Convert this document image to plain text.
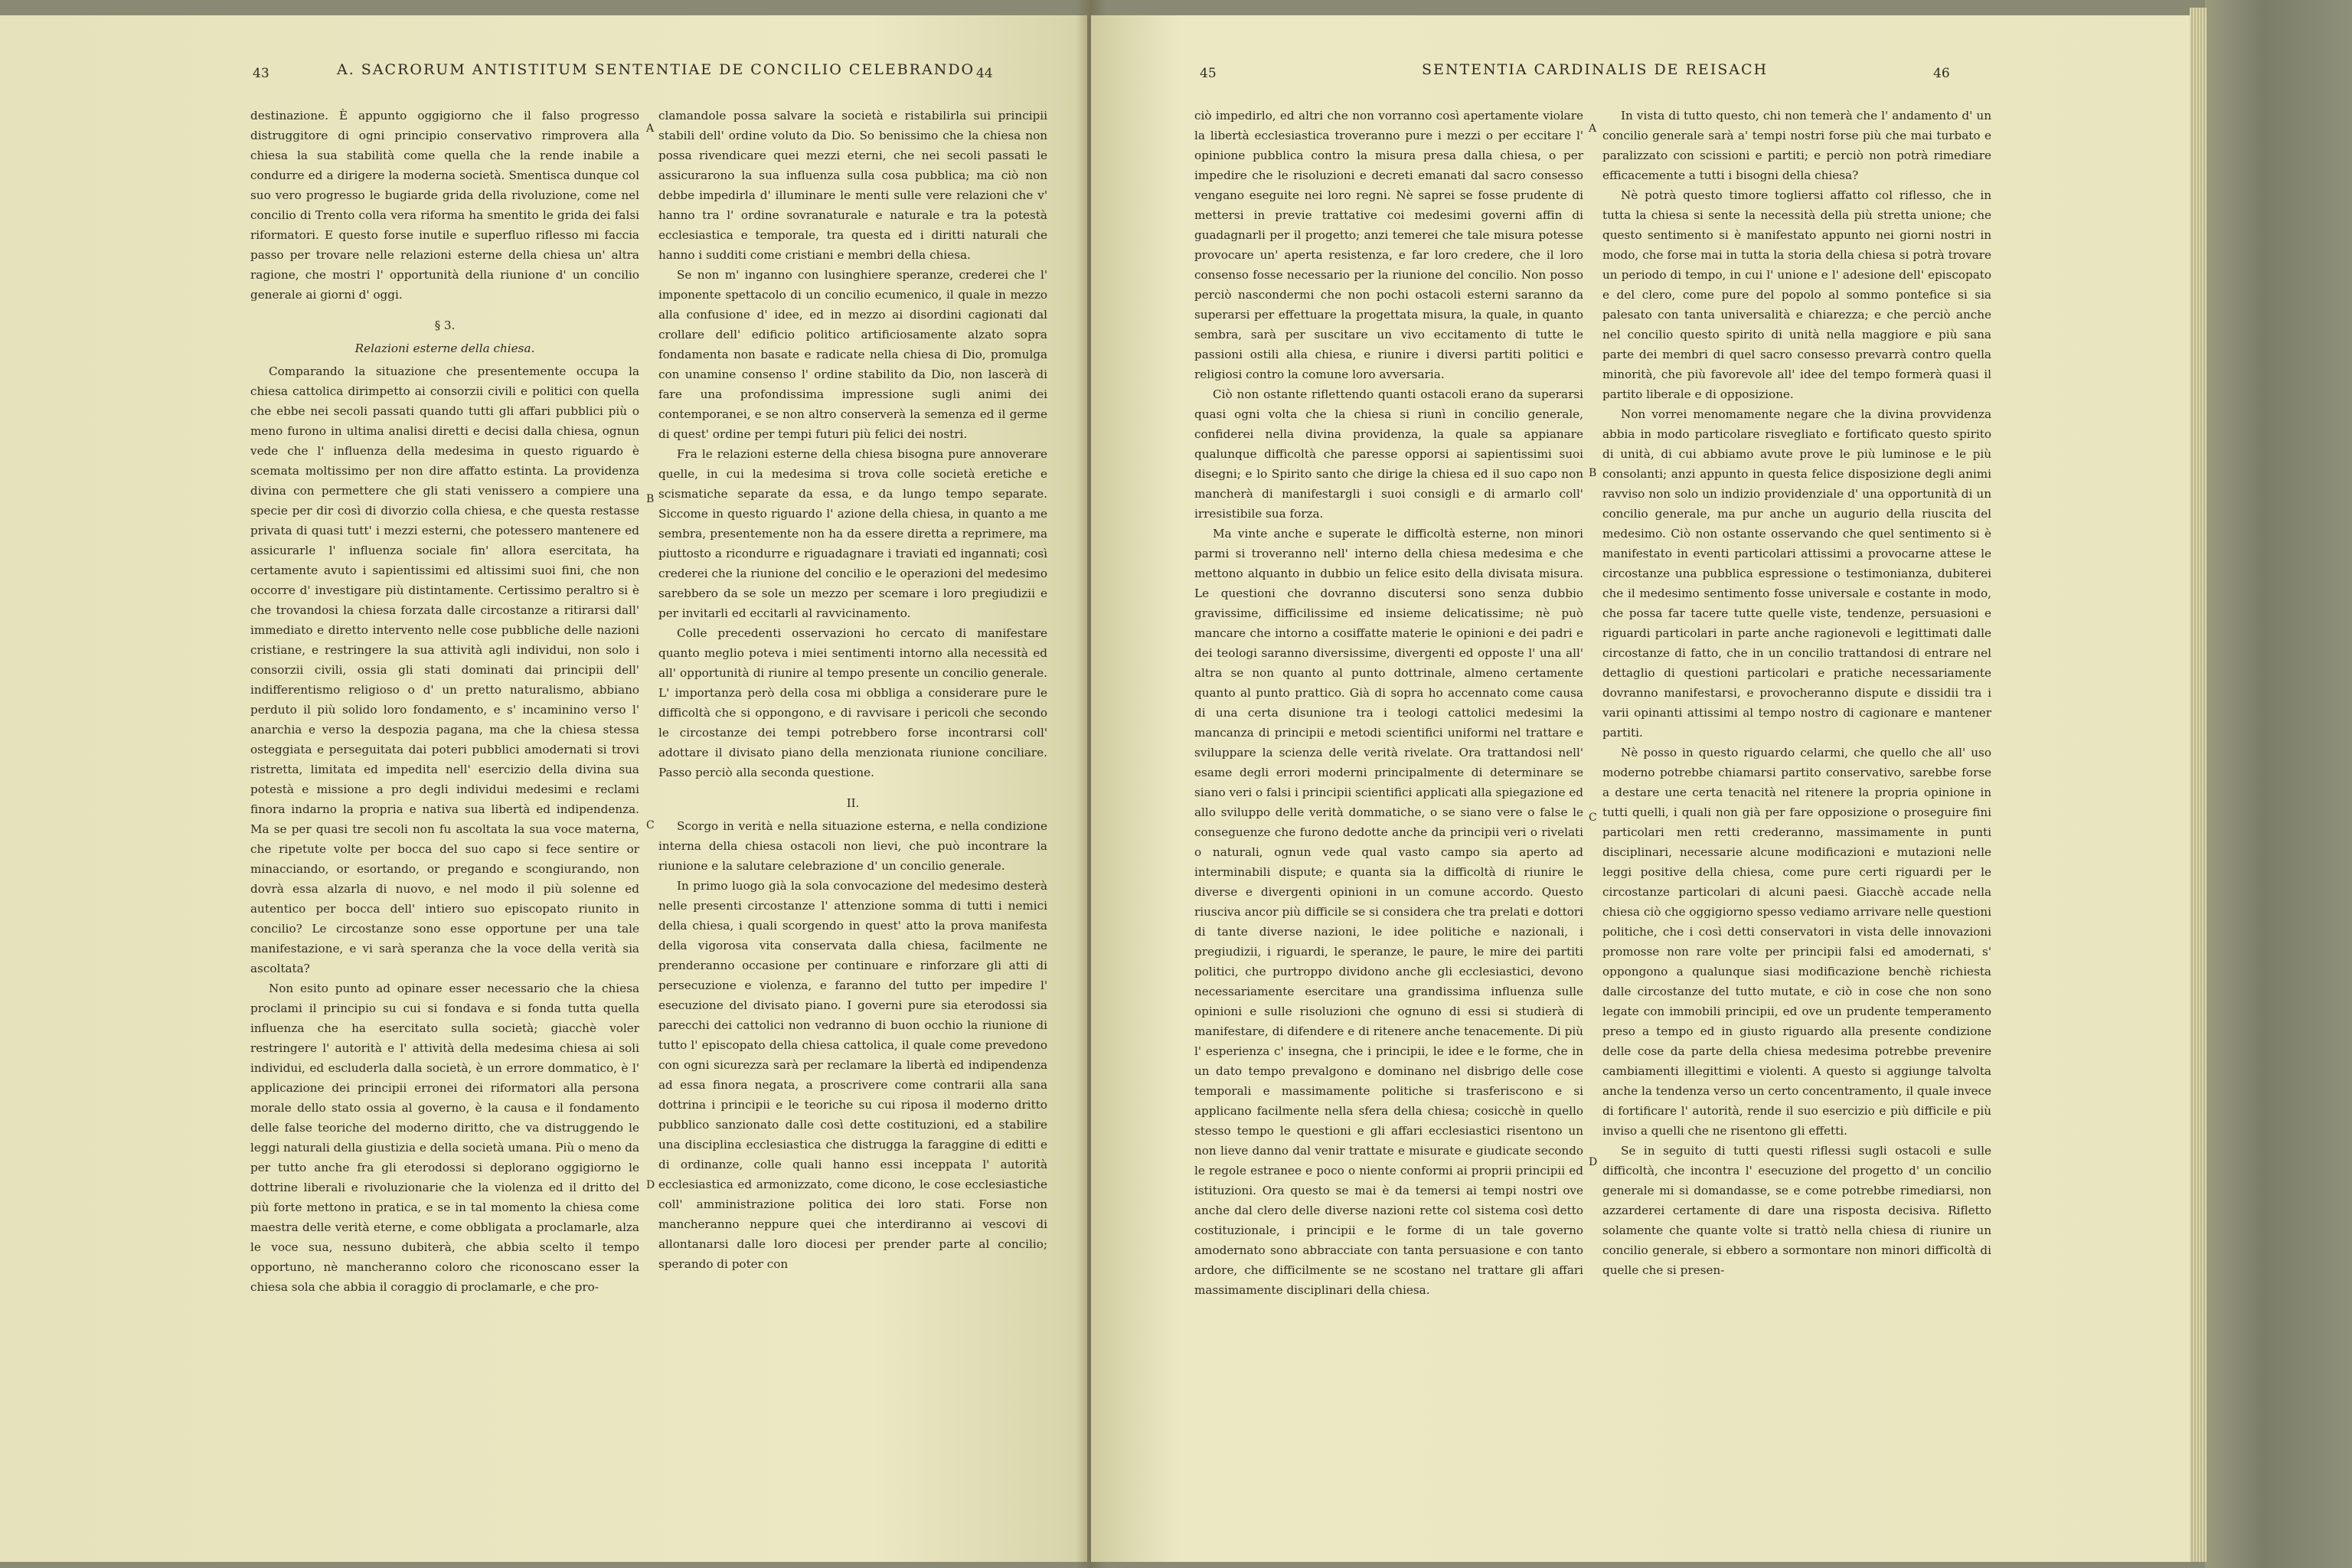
43	A. SACRORUM ANTISTITUM SENTENTIAE DE CONCILIO CELEBRANDO 44

destinazione. È appunto oggigiorno che il falso progresso distruggitore di ogni principio conservativo rimprovera alla chiesa la sua stabilità come quella che la rende inabile a condurre ed a dirigere la moderna società. Smentisca dunque col suo vero progresso le bugiarde grida della rivoluzione, come nel concilio di Trento colla vera riforma ha smentito le grida dei falsi riformatori. E questo forse inutile e superfluo riflesso mi faccia passo per trovare nelle relazioni esterne della chiesa un' altra ragione, che mostri l' opportunità della riunione d' un concilio generale ai giorni d' oggi.

§ 3.
Relazioni esterne della chiesa.

Comparando la situazione che presentemente occupa la chiesa cattolica dirimpetto ai consorzii civili e politici con quella che ebbe nei secoli passati quando tutti gli affari pubblici più o meno furono in ultima analisi diretti e decisi dalla chiesa, ognun vede che l' influenza della medesima in questo riguardo è scemata moltissimo per non dire affatto estinta. La providenza divina con permettere che gli stati venissero a compiere una specie per dir così di divorzio colla chiesa, e che questa restasse privata di quasi tutt' i mezzi esterni, che potessero mantenere ed assicurarle l' influenza sociale fin' allora esercitata, ha certamente avuto i sapientissimi ed altissimi suoi fini, che non occorre d' investigare più distintamente. Certissimo peraltro si è che trovandosi la chiesa forzata dalle circostanze a ritirarsi dall' immediato e diretto intervento nelle cose pubbliche delle nazioni cristiane, e restringere la sua attività agli individui, non solo i consorzii civili, ossia gli stati dominati dai principii dell' indifferentismo religioso o d' un pretto naturalismo, abbiano perduto il più solido loro fondamento, e s' incaminino verso l' anarchia e verso la despozia pagana, ma che la chiesa stessa osteggiata e perseguitata dai poteri pubblici amodernati si trovi ristretta, limitata ed impedita nell' esercizio della divina sua potestà e missione a pro degli individui medesimi e reclami finora indarno la propria e nativa sua libertà ed indipendenza. Ma se per quasi tre secoli non fu ascoltata la sua voce materna, che ripetute volte per bocca del suo capo si fece sentire or minacciando, or esortando, or pregando e scongiurando, non dovrà essa alzarla di nuovo, e nel modo il più solenne ed autentico per bocca dell' intiero suo episcopato riunito in concilio? Le circostanze sono esse opportune per una tale manifestazione, e vi sarà speranza che la voce della verità sia ascoltata?

Non esito punto ad opinare esser necessario che la chiesa proclami il principio su cui si fondava e si fonda tutta quella influenza che ha esercitato sulla società; giacchè voler restringere l' autorità e l' attività della medesima chiesa ai soli individui, ed escluderla dalla società, è un errore dommatico, è l' applicazione dei principii erronei dei riformatori alla persona morale dello stato ossia al governo, è la causa e il fondamento delle false teoriche del moderno diritto, che va distruggendo le leggi naturali della giustizia e della società umana. Più o meno da per tutto anche fra gli eterodossi si deplorano oggigiorno le dottrine liberali e rivoluzionarie che la violenza ed il dritto del più forte mettono in pratica, e se in tal momento la chiesa come maestra delle verità eterne, e come obbligata a proclamarle, alza le voce sua, nessuno dubiterà, che abbia scelto il tempo opportuno, nè mancheranno coloro che riconoscano esser la chiesa sola che abbia il coraggio di proclamarle, e che pro-

A
B
C
D

clamandole possa salvare la società e ristabilirla sui principii stabili dell' ordine voluto da Dio. So benissimo che la chiesa non possa rivendicare quei mezzi eterni, che nei secoli passati le assicurarono la sua influenza sulla cosa pubblica; ma ciò non debbe impedirla d' illuminare le menti sulle vere relazioni che v' hanno tra l' ordine sovranaturale e naturale e tra la potestà ecclesiastica e temporale, tra questa ed i diritti naturali che hanno i sudditi come cristiani e membri della chiesa.

Se non m' inganno con lusinghiere speranze, crederei che l' imponente spettacolo di un concilio ecumenico, il quale in mezzo alla confusione d' idee, ed in mezzo ai disordini cagionati dal crollare dell' edificio politico artificiosamente alzato sopra fondamenta non basate e radicate nella chiesa di Dio, promulga con unamine consenso l' ordine stabilito da Dio, non lascerà di fare una profondissima impressione sugli animi dei contemporanei, e se non altro conserverà la semenza ed il germe di quest' ordine per tempi futuri più felici dei nostri.

Fra le relazioni esterne della chiesa bisogna pure annoverare quelle, in cui la medesima si trova colle società eretiche e scismatiche separate da essa, e da lungo tempo separate. Siccome in questo riguardo l' azione della chiesa, in quanto a me sembra, presentemente non ha da essere diretta a reprimere, ma piuttosto a ricondurre e riguadagnare i traviati ed ingannati; così crederei che la riunione del concilio e le operazioni del medesimo sarebbero da se sole un mezzo per scemare i loro pregiudizii e per invitarli ed eccitarli al ravvicinamento.

Colle precedenti osservazioni ho cercato di manifestare quanto meglio poteva i miei sentimenti intorno alla necessità ed all' opportunità di riunire al tempo presente un concilio generale. L' importanza però della cosa mi obbliga a considerare pure le difficoltà che si oppongono, e di ravvisare i pericoli che secondo le circostanze dei tempi potrebbero forse incontrarsi coll' adottare il divisato piano della menzionata riunione conciliare. Passo perciò alla seconda questione.

II.

Scorgo in verità e nella situazione esterna, e nella condizione interna della chiesa ostacoli non lievi, che può incontrare la riunione e la salutare celebrazione d' un concilio generale.

In primo luogo già la sola convocazione del medesimo desterà nelle presenti circostanze l' attenzione somma di tutti i nemici della chiesa, i quali scorgendo in quest' atto la prova manifesta della vigorosa vita conservata dalla chiesa, facilmente ne prenderanno occasione per continuare e rinforzare gli atti di persecuzione e violenza, e faranno del tutto per impedire l' esecuzione del divisato piano. I governi pure sia eterodossi sia parecchi dei cattolici non vedranno di buon occhio la riunione di tutto l' episcopato della chiesa cattolica, il quale come prevedono con ogni sicurezza sarà per reclamare la libertà ed indipendenza ad essa finora negata, a proscrivere come contrarii alla sana dottrina i principii e le teoriche su cui riposa il moderno dritto pubblico sanzionato dalle così dette costituzioni, ed a stabilire una disciplina ecclesiastica che distrugga la faraggine di editti e di ordinanze, colle quali hanno essi inceppata l' autorità ecclesiastica ed armonizzato, come dicono, le cose ecclesiastiche coll' amministrazione politica dei loro stati. Forse non mancheranno neppure quei che interdiranno ai vescovi di allontanarsi dalle loro diocesi per prender parte al concilio; sperando di poter con

45	SENTENTIA CARDINALIS DE REISACH	46

ciò impedirlo, ed altri che non vorranno così apertamente violare la libertà ecclesiastica troveranno pure i mezzi o per eccitare l' opinione pubblica contro la misura presa dalla chiesa, o per impedire che le risoluzioni e decreti emanati dal sacro consesso vengano eseguite nei loro regni. Nè saprei se fosse prudente di mettersi in previe trattative coi medesimi governi affin di guadagnarli per il progetto; anzi temerei che tale misura potesse provocare un' aperta resistenza, e far loro credere, che il loro consenso fosse necessario per la riunione del concilio. Non posso perciò nascondermi che non pochi ostacoli esterni saranno da superarsi per effettuare la progettata misura, la quale, in quanto sembra, sarà per suscitare un vivo eccitamento di tutte le passioni ostili alla chiesa, e riunire i diversi partiti politici e religiosi contro la comune loro avversaria.

Ciò non ostante riflettendo quanti ostacoli erano da superarsi quasi ogni volta che la chiesa si riunì in concilio generale, confiderei nella divina providenza, la quale sa appianare qualunque difficoltà che paresse opporsi ai sapientissimi suoi disegni; e lo Spirito santo che dirige la chiesa ed il suo capo non mancherà di manifestargli i suoi consigli e di armarlo coll' irresistibile sua forza.

Ma vinte anche e superate le difficoltà esterne, non minori parmi si troveranno nell' interno della chiesa medesima e che mettono alquanto in dubbio un felice esito della divisata misura. Le questioni che dovranno discutersi sono senza dubbio gravissime, difficilissime ed insieme delicatissime; nè può mancare che intorno a cosiffatte materie le opinioni e dei padri e dei teologi saranno diversissime, divergenti ed opposte l' una all' altra se non quanto al punto dottrinale, almeno certamente quanto al punto prattico. Già di sopra ho accennato come causa di una certa disunione tra i teologi cattolici medesimi la mancanza di principii e metodi scientifici uniformi nel trattare e sviluppare la scienza delle verità rivelate. Ora trattandosi nell' esame degli errori moderni principalmente di determinare se siano veri o falsi i principii scientifici applicati alla spiegazione ed allo sviluppo delle verità dommatiche, o se siano vere o false le conseguenze che furono dedotte anche da principii veri o rivelati o naturali, ognun vede qual vasto campo sia aperto ad interminabili dispute; e quanta sia la difficoltà di riunire le diverse e divergenti opinioni in un comune accordo. Questo riusciva ancor più difficile se si considera che tra prelati e dottori di tante diverse nazioni, le idee politiche e nazionali, i pregiudizii, i riguardi, le speranze, le paure, le mire dei partiti politici, che purtroppo dividono anche gli ecclesiastici, devono necessariamente esercitare una grandissima influenza sulle opinioni e sulle risoluzioni che ognuno di essi si studierà di manifestare, di difendere e di ritenere anche tenacemente. Di più l' esperienza c' insegna, che i principii, le idee e le forme, che in un dato tempo prevalgono e dominano nel disbrigo delle cose temporali e massimamente politiche si trasferiscono e si applicano facilmente nella sfera della chiesa; cosicchè in quello stesso tempo le questioni e gli affari ecclesiastici risentono un non lieve danno dal venir trattate e misurate e giudicate secondo le regole estranee e poco o niente conformi ai proprii principii ed istituzioni. Ora questo se mai è da temersi ai tempi nostri ove anche dal clero delle diverse nazioni rette col sistema così detto costituzionale, i principii e le forme di un tale governo amodernato sono abbracciate con tanta persuasione e con tanto ardore, che difficilmente se ne scostano nel trattare gli affari massimamente disciplinari della chiesa.

A
B
C
D

In vista di tutto questo, chi non temerà che l' andamento d' un concilio generale sarà a' tempi nostri forse più che mai turbato e paralizzato con scissioni e partiti; e perciò non potrà rimediare efficacemente a tutti i bisogni della chiesa?

Nè potrà questo timore togliersi affatto col riflesso, che in tutta la chiesa si sente la necessità della più stretta unione; che questo sentimento si è manifestato appunto nei giorni nostri in modo, che forse mai in tutta la storia della chiesa si potrà trovare un periodo di tempo, in cui l' unione e l' adesione dell' episcopato e del clero, come pure del popolo al sommo pontefice si sia palesato con tanta universalità e chiarezza; e che perciò anche nel concilio questo spirito di unità nella maggiore e più sana parte dei membri di quel sacro consesso prevarrà contro quella minorità, che più favorevole all' idee del tempo formerà quasi il partito liberale e di opposizione.

Non vorrei menomamente negare che la divina provvidenza abbia in modo particolare risvegliato e fortificato questo spirito di unità, di cui abbiamo avute prove le più luminose e le più consolanti; anzi appunto in questa felice disposizione degli animi ravviso non solo un indizio providenziale d' una opportunità di un concilio generale, ma pur anche un augurio della riuscita del medesimo. Ciò non ostante osservando che quel sentimento si è manifestato in eventi particolari attissimi a provocarne attese le circostanze una pubblica espressione o testimonianza, dubiterei che il medesimo sentimento fosse universale e costante in modo, che possa far tacere tutte quelle viste, tendenze, persuasioni e riguardi particolari in parte anche ragionevoli e legittimati dalle circostanze di fatto, che in un concilio trattandosi di entrare nel dettaglio di questioni particolari e pratiche necessariamente dovranno manifestarsi, e provocheranno dispute e dissidii tra i varii opinanti attissimi al tempo nostro di cagionare e mantener partiti.

Nè posso in questo riguardo celarmi, che quello che all' uso moderno potrebbe chiamarsi partito conservativo, sarebbe forse a destare une certa tenacità nel ritenere la propria opinione in tutti quelli, i quali non già per fare opposizione o proseguire fini particolari men retti crederanno, massimamente in punti disciplinari, necessarie alcune modificazioni e mutazioni nelle leggi positive della chiesa, come pure certi riguardi per le circostanze particolari di alcuni paesi. Giacchè accade nella chiesa ciò che oggigiorno spesso vediamo arrivare nelle questioni politiche, che i così detti conservatori in vista delle innovazioni promosse non rare volte per principii falsi ed amodernati, s' oppongono a qualunque siasi modificazione benchè richiesta dalle circostanze del tutto mutate, e ciò in cose che non sono legate con immobili principii, ed ove un prudente temperamento preso a tempo ed in giusto riguardo alla presente condizione delle cose da parte della chiesa medesima potrebbe prevenire cambiamenti illegittimi e violenti. A questo si aggiunge talvolta anche la tendenza verso un certo concentramento, il quale invece di fortificare l' autorità, rende il suo esercizio e più difficile e più inviso a quelli che ne risentono gli effetti.

Se in seguito di tutti questi riflessi sugli ostacoli e sulle difficoltà, che incontra l' esecuzione del progetto d' un concilio generale mi si domandasse, se e come potrebbe rimediarsi, non azzarderei certamente di dare una risposta decisiva. Rifletto solamente che quante volte si trattò nella chiesa di riunire un concilio generale, si ebbero a sormontare non minori difficoltà di quelle che si presen-
